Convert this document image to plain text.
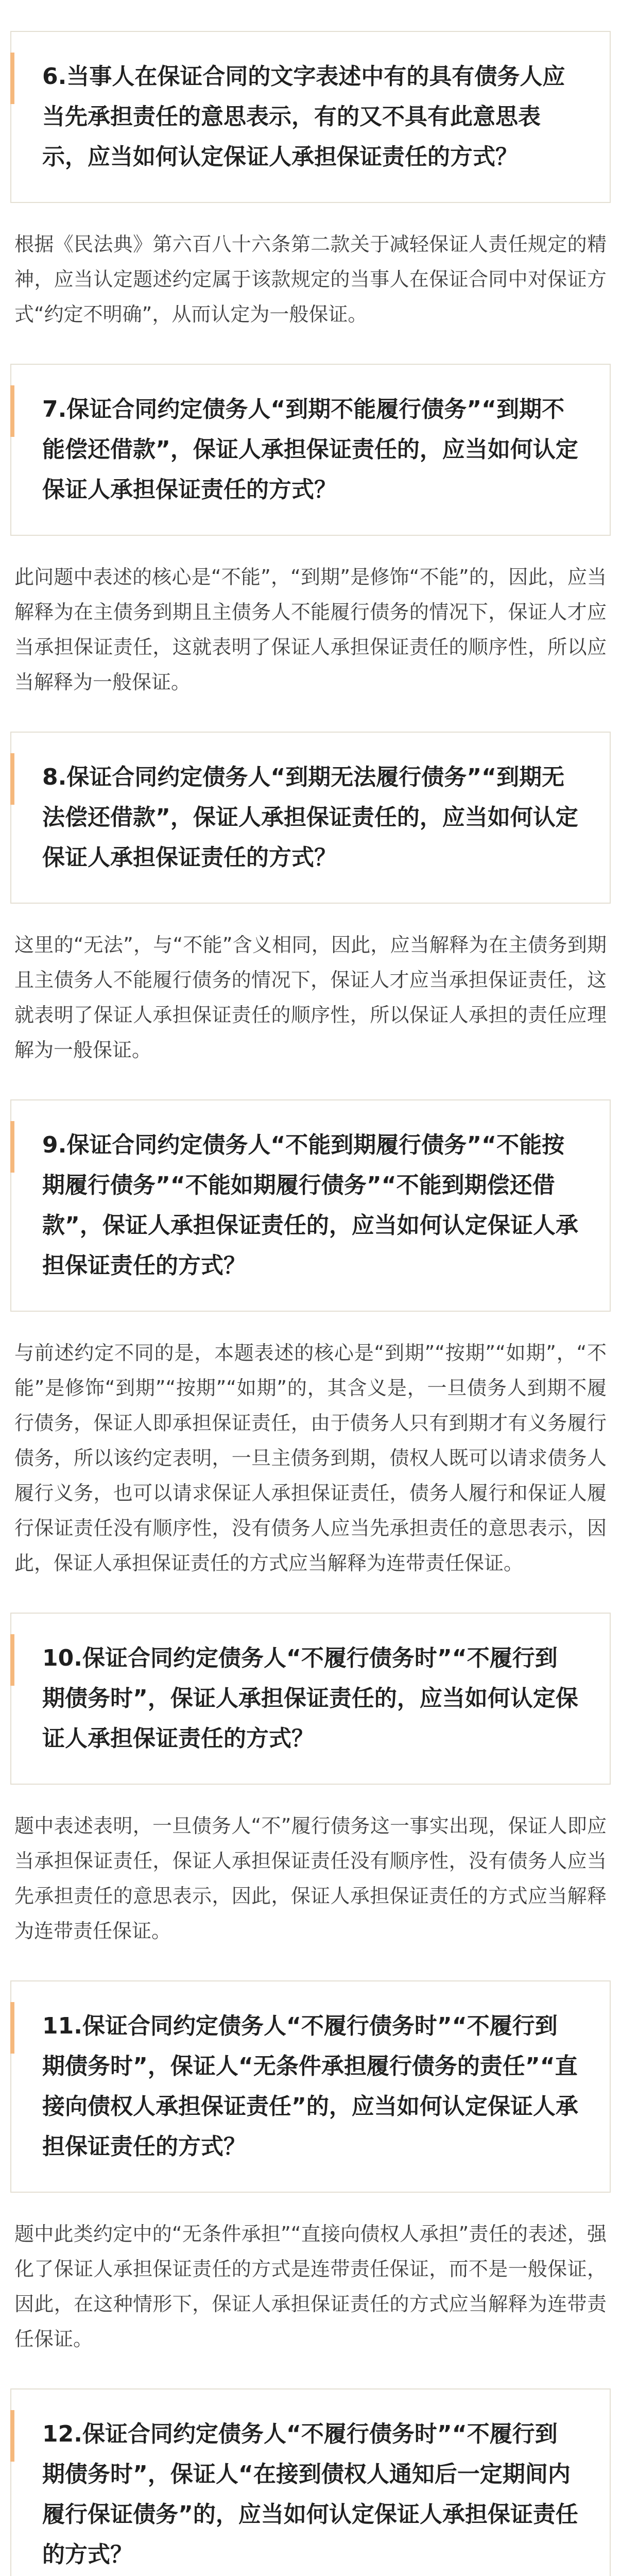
6.当事人在保证合同的文字表述中有的具有债务人应当先承担责任的意思表示，有的又不具有此意思表示，应当如何认定保证人承担保证责任的方式？
根据《民法典》第六百八十六条第二款关于减轻保证人责任规定的精神，应当认定题述约定属于该款规定的当事人在保证合同中对保证方式“约定不明确”，从而认定为一般保证。
7.保证合同约定债务人“到期不能履行债务”“到期不能偿还借款”，保证人承担保证责任的，应当如何认定保证人承担保证责任的方式？
此问题中表述的核心是“不能”，“到期”是修饰“不能”的，因此，应当解释为在主债务到期且主债务人不能履行债务的情况下，保证人才应当承担保证责任，这就表明了保证人承担保证责任的顺序性，所以应当解释为一般保证。
8.保证合同约定债务人“到期无法履行债务”“到期无法偿还借款”，保证人承担保证责任的，应当如何认定保证人承担保证责任的方式？
这里的“无法”，与“不能”含义相同，因此，应当解释为在主债务到期且主债务人不能履行债务的情况下，保证人才应当承担保证责任，这就表明了保证人承担保证责任的顺序性，所以保证人承担的责任应理解为一般保证。
9.保证合同约定债务人“不能到期履行债务”“不能按期履行债务”“不能如期履行债务”“不能到期偿还借款”，保证人承担保证责任的，应当如何认定保证人承担保证责任的方式？
与前述约定不同的是，本题表述的核心是“到期”“按期”“如期”，“不能”是修饰“到期”“按期”“如期”的，其含义是，一旦债务人到期不履行债务，保证人即承担保证责任，由于债务人只有到期才有义务履行债务，所以该约定表明，一旦主债务到期，债权人既可以请求债务人履行义务，也可以请求保证人承担保证责任，债务人履行和保证人履行保证责任没有顺序性，没有债务人应当先承担责任的意思表示，因此，保证人承担保证责任的方式应当解释为连带责任保证。
10.保证合同约定债务人“不履行债务时”“不履行到期债务时”，保证人承担保证责任的，应当如何认定保证人承担保证责任的方式？
题中表述表明，一旦债务人“不”履行债务这一事实出现，保证人即应当承担保证责任，保证人承担保证责任没有顺序性，没有债务人应当先承担责任的意思表示，因此，保证人承担保证责任的方式应当解释为连带责任保证。
11.保证合同约定债务人“不履行债务时”“不履行到期债务时”，保证人“无条件承担履行债务的责任”“直接向债权人承担保证责任”的，应当如何认定保证人承担保证责任的方式？
题中此类约定中的“无条件承担”“直接向债权人承担”责任的表述，强化了保证人承担保证责任的方式是连带责任保证，而不是一般保证，因此，在这种情形下，保证人承担保证责任的方式应当解释为连带责任保证。
12.保证合同约定债务人“不履行债务时”“不履行到期债务时”，保证人“在接到债权人通知后一定期间内履行保证债务”的，应当如何认定保证人承担保证责任的方式？
